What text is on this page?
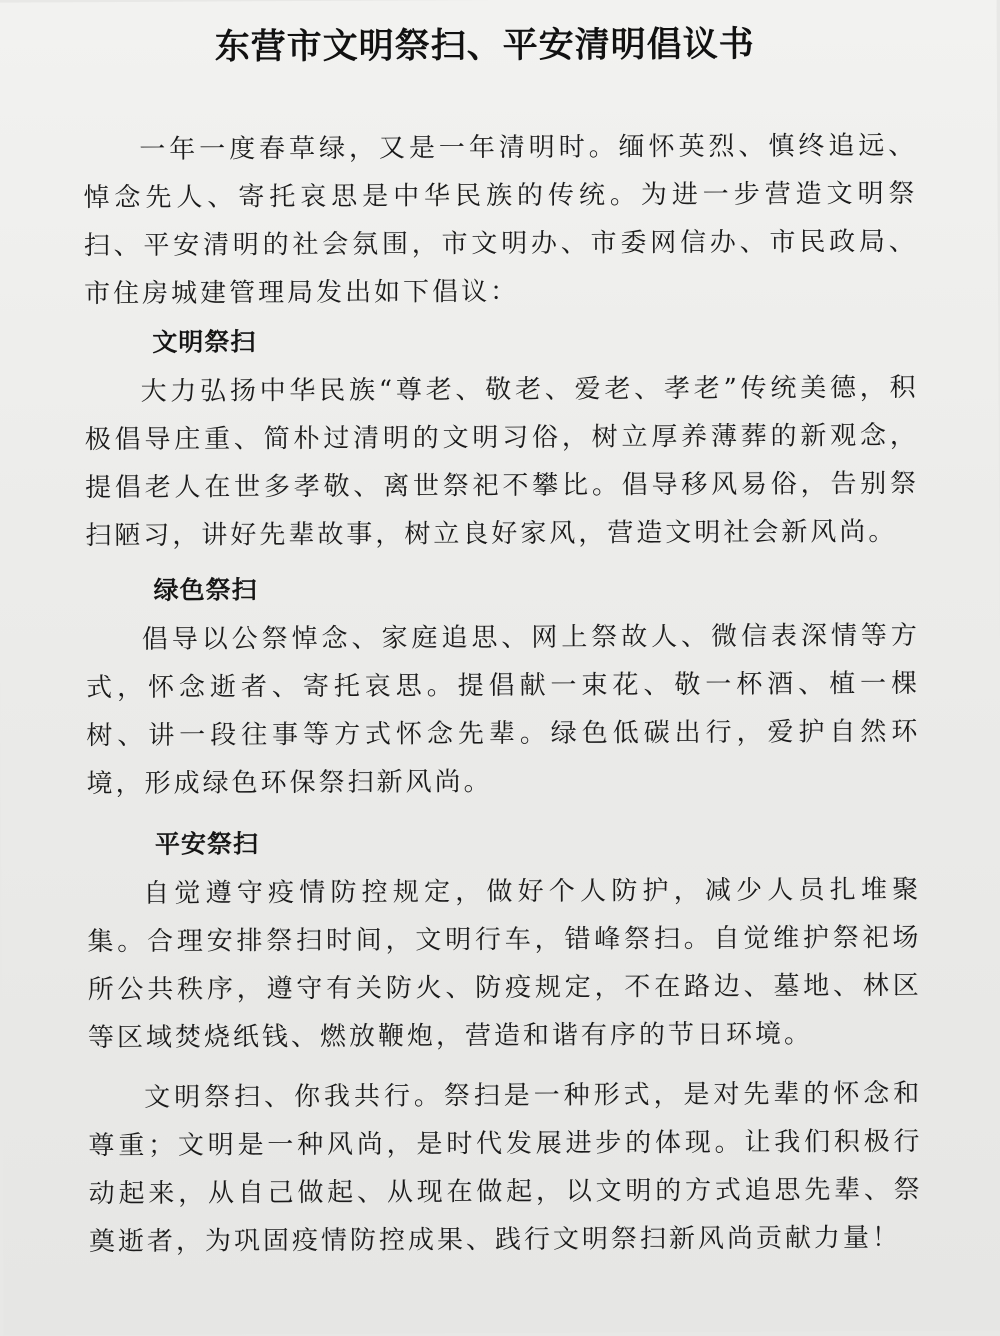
东营市文明祭扫、平安清明倡议书

一年一度春草绿，又是一年清明时。缅怀英烈、慎终追远、悼念先人、寄托哀思是中华民族的传统。为进一步营造文明祭扫、平安清明的社会氛围，市文明办、市委网信办、市民政局、市住房城建管理局发出如下倡议：

文明祭扫

大力弘扬中华民族“尊老、敬老、爱老、孝老”传统美德，积极倡导庄重、简朴过清明的文明习俗，树立厚养薄葬的新观念，提倡老人在世多孝敬、离世祭祀不攀比。倡导移风易俗，告别祭扫陋习，讲好先辈故事，树立良好家风，营造文明社会新风尚。

绿色祭扫

倡导以公祭悼念、家庭追思、网上祭故人、微信表深情等方式，怀念逝者、寄托哀思。提倡献一束花、敬一杯酒、植一棵树、讲一段往事等方式怀念先辈。绿色低碳出行，爱护自然环境，形成绿色环保祭扫新风尚。

平安祭扫

自觉遵守疫情防控规定，做好个人防护，减少人员扎堆聚集。合理安排祭扫时间，文明行车，错峰祭扫。自觉维护祭祀场所公共秩序，遵守有关防火、防疫规定，不在路边、墓地、林区等区域焚烧纸钱、燃放鞭炮，营造和谐有序的节日环境。

文明祭扫、你我共行。祭扫是一种形式，是对先辈的怀念和尊重；文明是一种风尚，是时代发展进步的体现。让我们积极行动起来，从自己做起、从现在做起，以文明的方式追思先辈、祭奠逝者，为巩固疫情防控成果、践行文明祭扫新风尚贡献力量！
